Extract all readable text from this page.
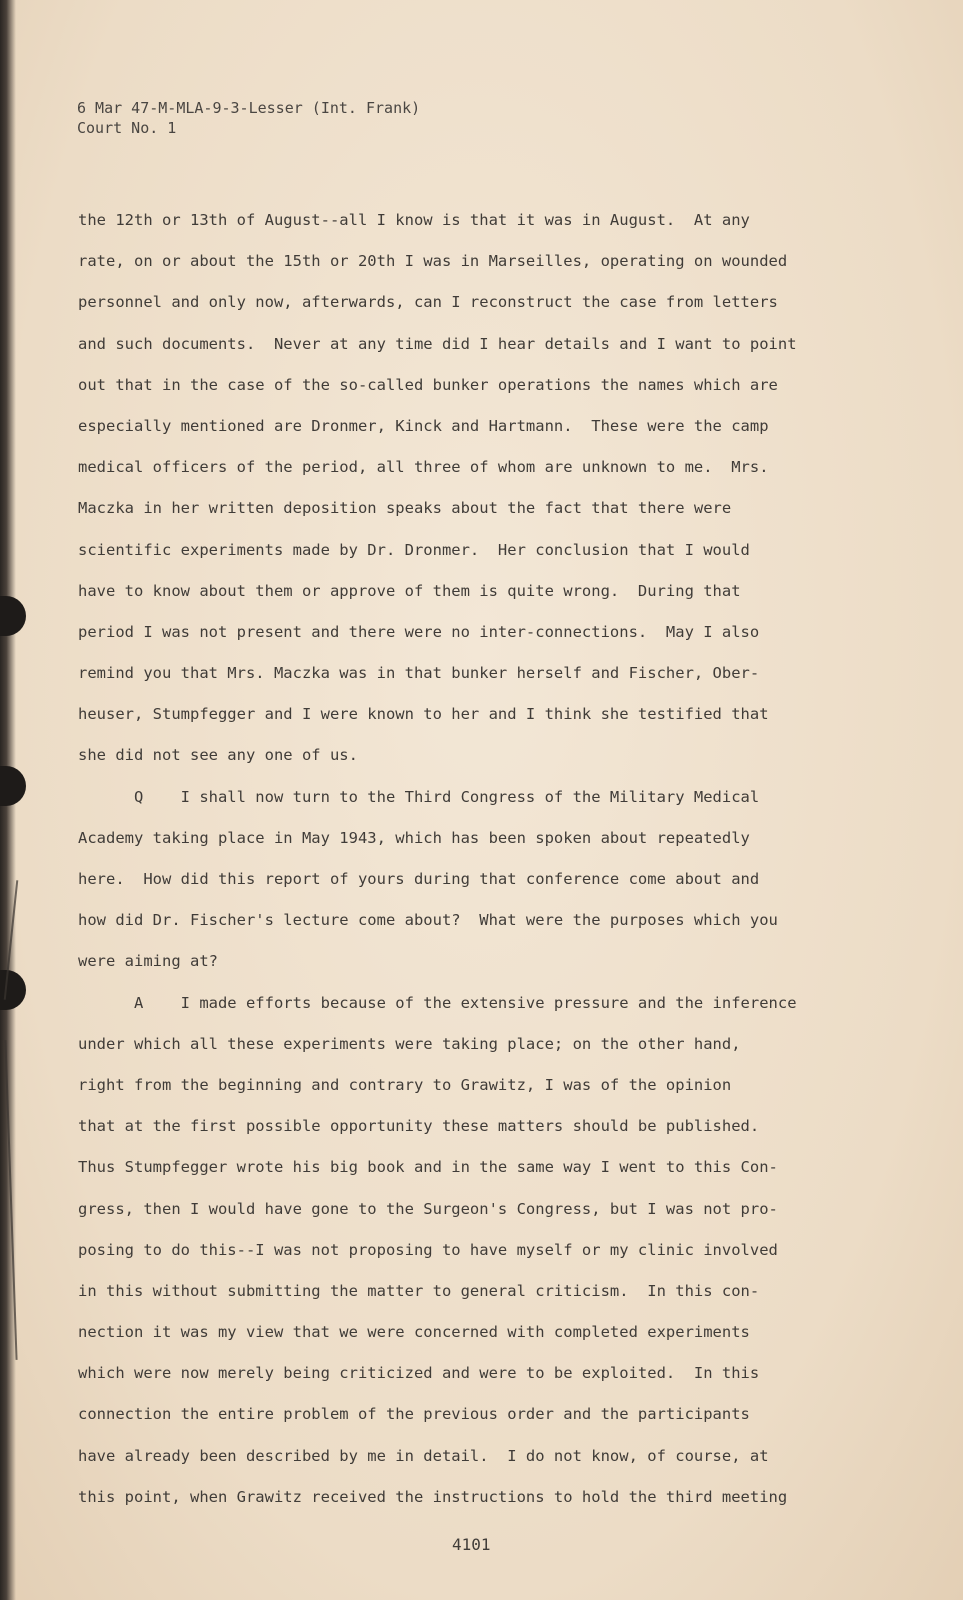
6 Mar 47-M-MLA-9-3-Lesser (Int. Frank)
Court No. 1
the 12th or 13th of August--all I know is that it was in August.  At any
rate, on or about the 15th or 20th I was in Marseilles, operating on wounded
personnel and only now, afterwards, can I reconstruct the case from letters
and such documents.  Never at any time did I hear details and I want to point
out that in the case of the so-called bunker operations the names which are
especially mentioned are Dronmer, Kinck and Hartmann.  These were the camp
medical officers of the period, all three of whom are unknown to me.  Mrs.
Maczka in her written deposition speaks about the fact that there were
scientific experiments made by Dr. Dronmer.  Her conclusion that I would
have to know about them or approve of them is quite wrong.  During that
period I was not present and there were no inter-connections.  May I also
remind you that Mrs. Maczka was in that bunker herself and Fischer, Ober-
heuser, Stumpfegger and I were known to her and I think she testified that
she did not see any one of us.
Q    I shall now turn to the Third Congress of the Military Medical
Academy taking place in May 1943, which has been spoken about repeatedly
here.  How did this report of yours during that conference come about and
how did Dr. Fischer's lecture come about?  What were the purposes which you
were aiming at?
A    I made efforts because of the extensive pressure and the inference
under which all these experiments were taking place; on the other hand,
right from the beginning and contrary to Grawitz, I was of the opinion
that at the first possible opportunity these matters should be published.
Thus Stumpfegger wrote his big book and in the same way I went to this Con-
gress, then I would have gone to the Surgeon's Congress, but I was not pro-
posing to do this--I was not proposing to have myself or my clinic involved
in this without submitting the matter to general criticism.  In this con-
nection it was my view that we were concerned with completed experiments
which were now merely being criticized and were to be exploited.  In this
connection the entire problem of the previous order and the participants
have already been described by me in detail.  I do not know, of course, at
this point, when Grawitz received the instructions to hold the third meeting
4101
